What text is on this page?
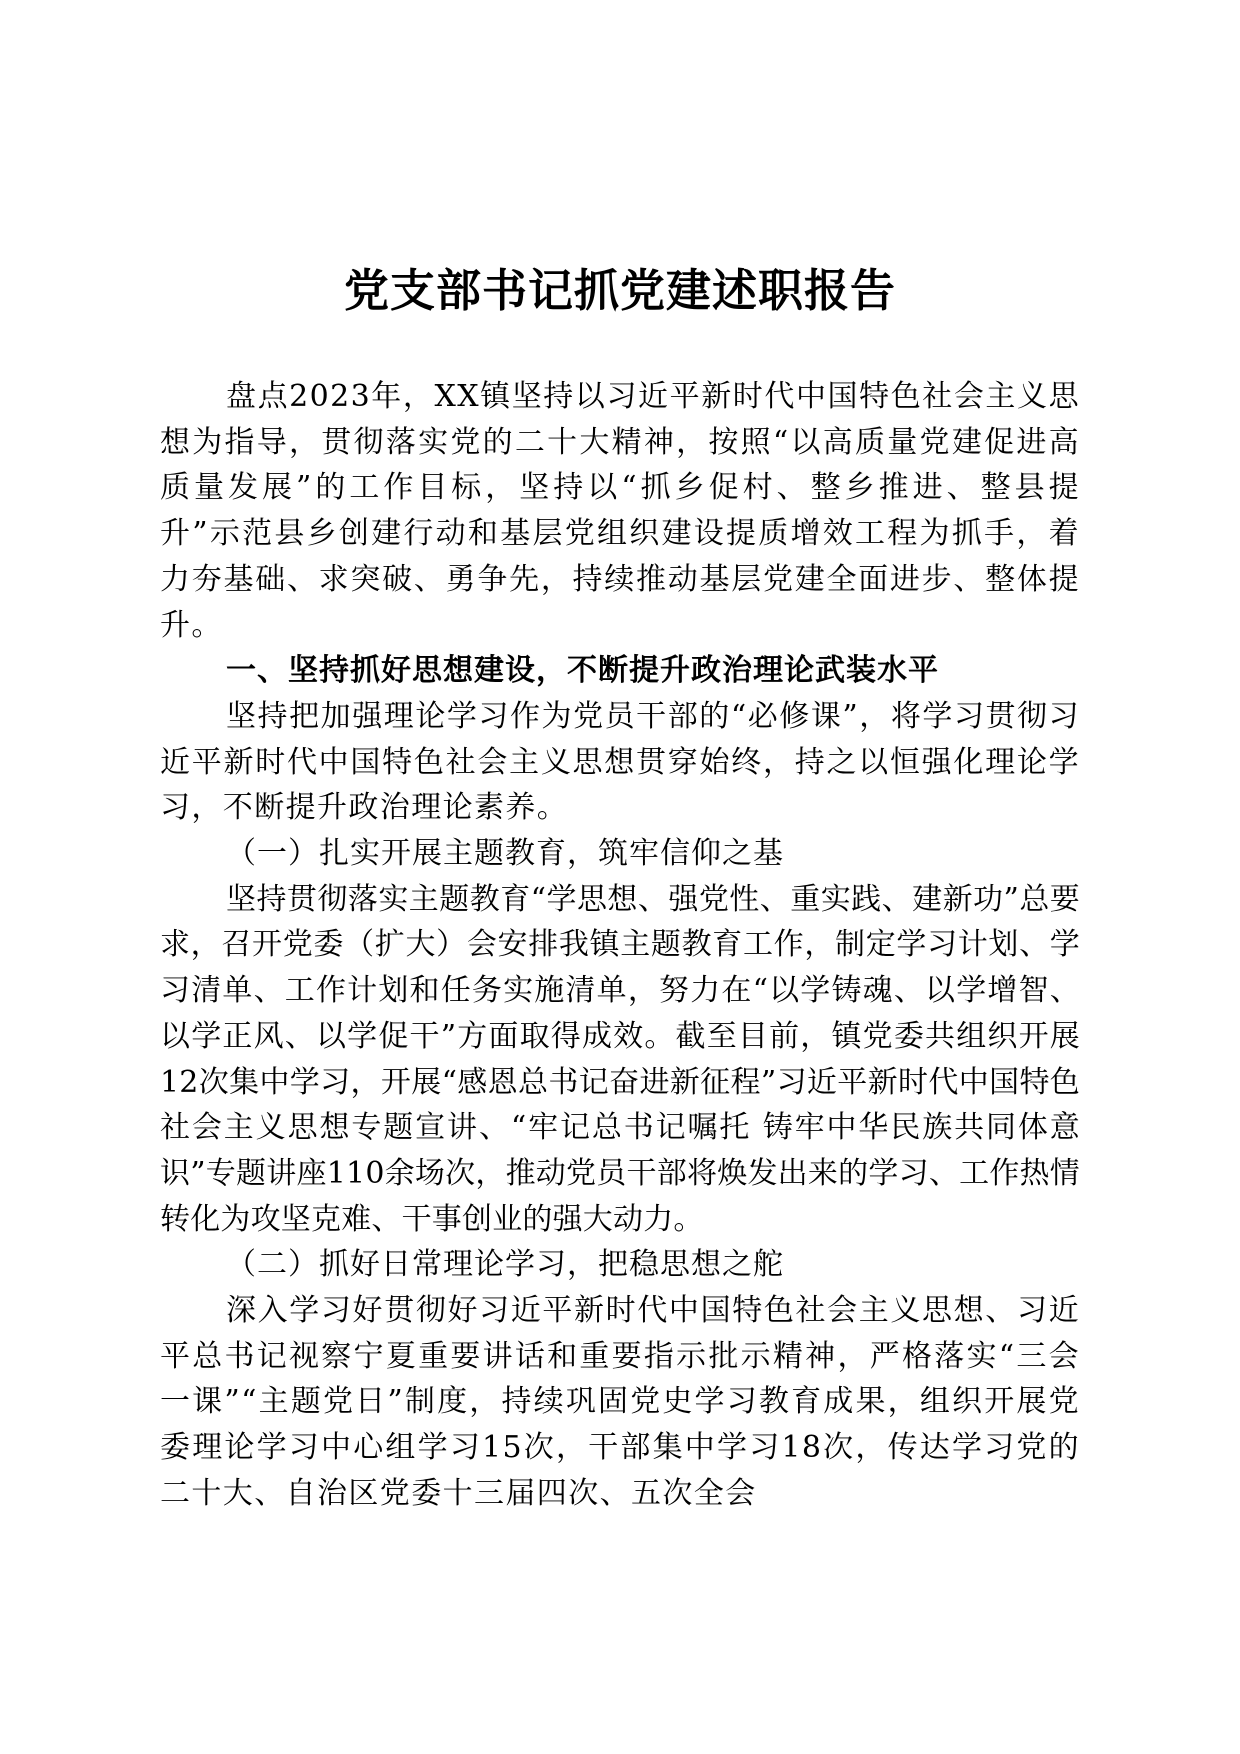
党支部书记抓党建述职报告

盘点2023年，XX镇坚持以习近平新时代中国特色社会主义思想为指导，贯彻落实党的二十大精神，按照“以高质量党建促进高质量发展”的工作目标，坚持以“抓乡促村、整乡推进、整县提升”示范县乡创建行动和基层党组织建设提质增效工程为抓手，着力夯基础、求突破、勇争先，持续推动基层党建全面进步、整体提升。

一、坚持抓好思想建设，不断提升政治理论武装水平

坚持把加强理论学习作为党员干部的“必修课”，将学习贯彻习近平新时代中国特色社会主义思想贯穿始终，持之以恒强化理论学习，不断提升政治理论素养。

（一）扎实开展主题教育，筑牢信仰之基

坚持贯彻落实主题教育“学思想、强党性、重实践、建新功”总要求，召开党委（扩大）会安排我镇主题教育工作，制定学习计划、学习清单、工作计划和任务实施清单，努力在“以学铸魂、以学增智、以学正风、以学促干”方面取得成效。截至目前，镇党委共组织开展12次集中学习，开展“感恩总书记奋进新征程”习近平新时代中国特色社会主义思想专题宣讲、“牢记总书记嘱托 铸牢中华民族共同体意识”专题讲座110余场次，推动党员干部将焕发出来的学习、工作热情转化为攻坚克难、干事创业的强大动力。

（二）抓好日常理论学习，把稳思想之舵

深入学习好贯彻好习近平新时代中国特色社会主义思想、习近平总书记视察宁夏重要讲话和重要指示批示精神，严格落实“三会一课”“主题党日”制度，持续巩固党史学习教育成果，组织开展党委理论学习中心组学习15次，干部集中学习18次，传达学习党的二十大、自治区党委十三届四次、五次全会
